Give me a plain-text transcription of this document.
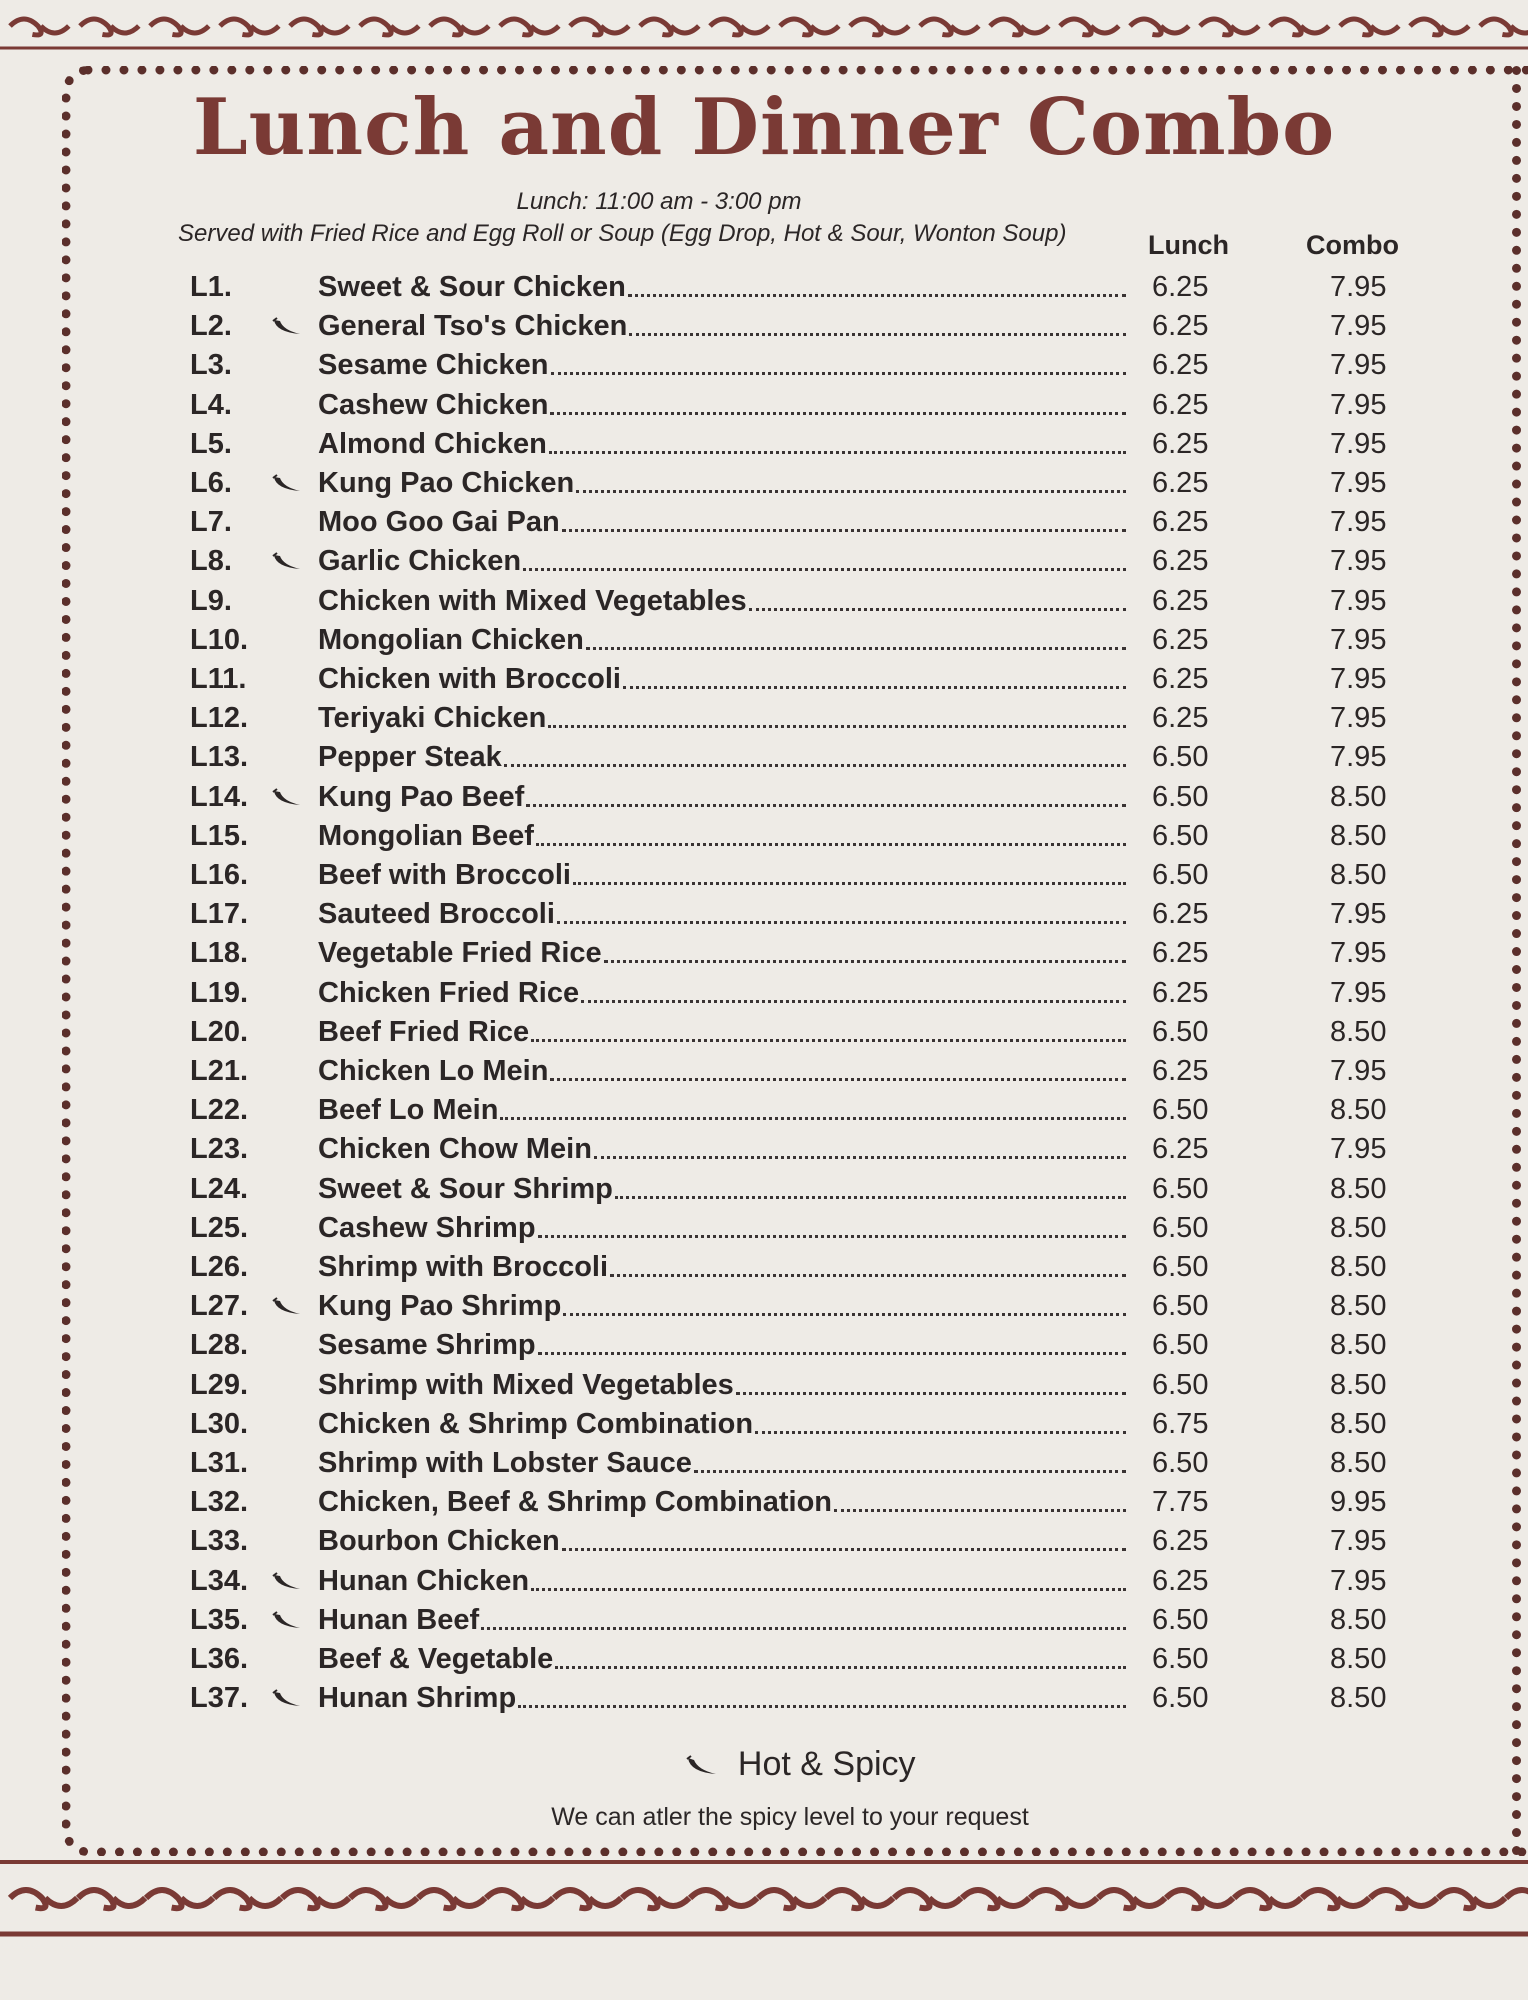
Lunch and Dinner Combo
Lunch: 11:00 am - 3:00 pm
Served with Fried Rice and Egg Roll or Soup (Egg Drop, Hot & Sour, Wonton Soup)	Lunch	Combo
L1.	Sweet & Sour Chicken	6.25	7.95
L2.	General Tso's Chicken	6.25	7.95
L3.	Sesame Chicken	6.25	7.95
L4.	Cashew Chicken	6.25	7.95
L5.	Almond Chicken	6.25	7.95
L6.	Kung Pao Chicken	6.25	7.95
L7.	Moo Goo Gai Pan	6.25	7.95
L8.	Garlic Chicken	6.25	7.95
L9.	Chicken with Mixed Vegetables	6.25	7.95
L10. Mongolian Chicken	6.25	7.95
L11. Chicken with Broccoli	6.25	7.95
L12. Teriyaki Chicken	6.25	7.95
L13. Pepper Steak	6.50	7.95
L14. Kung Pao Beef	6.50	8.50
L15. Mongolian Beef	6.50	8.50
L16. Beef with Broccoli	6.50	8.50
L17. Sauteed Broccoli	6.25	7.95
L18. Vegetable Fried Rice	6.25	7.95
L19. Chicken Fried Rice	6.25	7.95
L20. Beef Fried Rice	6.50	8.50
L21. Chicken Lo Mein	6.25	7.95
L22. Beef Lo Mein	6.50	8.50
L23. Chicken Chow Mein	6.25	7.95
L24. Sweet & Sour Shrimp	6.50	8.50
L25. Cashew Shrimp	6.50	8.50
L26. Shrimp with Broccoli	6.50	8.50
L27. Kung Pao Shrimp	6.50	8.50
L28. Sesame Shrimp	6.50	8.50
L29. Shrimp with Mixed Vegetables	6.50	8.50
L30. Chicken & Shrimp Combination	6.75	8.50
L31. Shrimp with Lobster Sauce	6.50	8.50
L32. Chicken, Beef & Shrimp Combination	7.75	9.95
L33. Bourbon Chicken	6.25	7.95
L34. Hunan Chicken	6.25	7.95
L35. Hunan Beef	6.50	8.50
L36. Beef & Vegetable	6.50	8.50
L37. Hunan Shrimp	6.50	8.50
Hot & Spicy
We can atler the spicy level to your request
